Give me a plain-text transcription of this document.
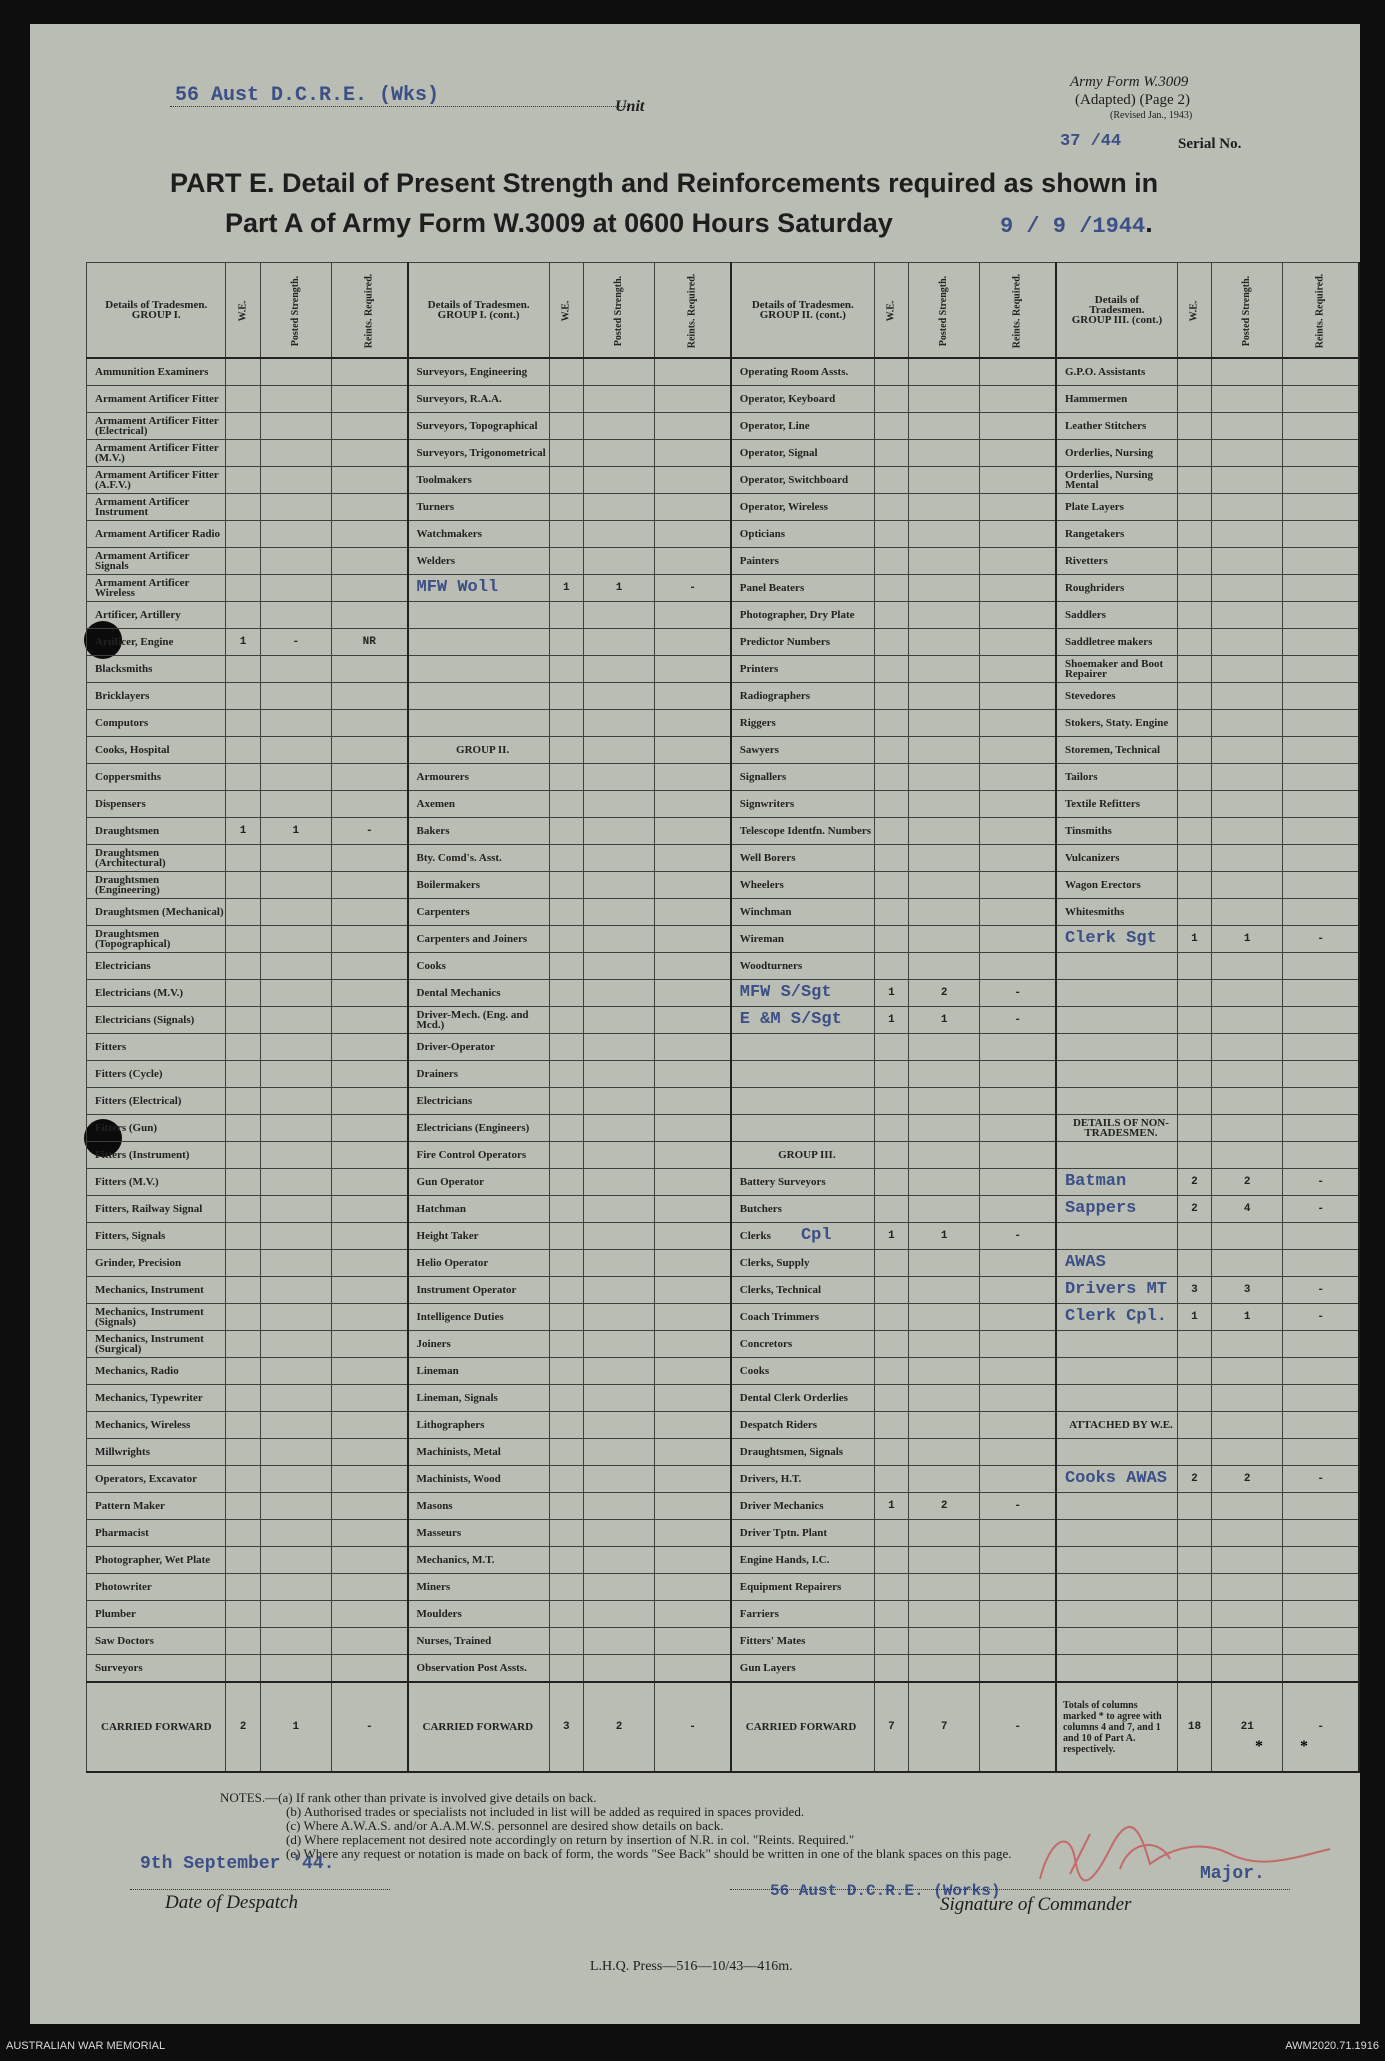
56 Aust D.C.R.E. (Wks)	Unit
Army Form W.3009
(Adapted) (Page 2)
(Revised Jan., 1943)
37 /44	Serial No.
PART E. Detail of Present Strength and Reinforcements required as shown in
Part A of Army Form W.3009 at 0600 Hours Saturday	9 / 9 /1944.
Details of Tradesmen. GROUP I.	W.E.	Posted Strength.	Reints. Required.	Details of Tradesmen. GROUP I. (cont.)	W.E.	Posted Strength.	Reints. Required.	Details of Tradesmen. GROUP II. (cont.)	W.E.	Posted Strength.	Reints. Required.	Details of Tradesmen. GROUP III. (cont.)	W.E.	Posted Strength.	Reints. Required.
Ammunition Examiners				Surveyors, Engineering				Operating Room Assts.				G.P.O. Assistants			
Armament Artificer Fitter				Surveyors, R.A.A.				Operator, Keyboard				Hammermen			
Armament Artificer Fitter (Electrical)				Surveyors, Topographical				Operator, Line				Leather Stitchers			
Armament Artificer Fitter (M.V.)				Surveyors, Trigonometrical				Operator, Signal				Orderlies, Nursing			
Armament Artificer Fitter (A.F.V.)				Toolmakers				Operator, Switchboard				Orderlies, Nursing Mental			
Armament Artificer Instrument				Turners				Operator, Wireless				Plate Layers			
Armament Artificer Radio				Watchmakers				Opticians				Rangetakers			
Armament Artificer Signals				Welders				Painters				Rivetters			
Armament Artificer Wireless				MFW Woll	1	1	-	Panel Beaters				Roughriders			
Artificer, Artillery								Photographer, Dry Plate				Saddlers			
Artificer, Engine	1	-	NR					Predictor Numbers				Saddletree makers			
Blacksmiths								Printers				Shoemaker and Boot Repairer			
Bricklayers								Radiographers				Stevedores			
Computors								Riggers				Stokers, Staty. Engine			
Cooks, Hospital				GROUP II.				Sawyers				Storemen, Technical			
Coppersmiths				Armourers				Signallers				Tailors			
Dispensers				Axemen				Signwriters				Textile Refitters			
Draughtsmen	1	1	-	Bakers				Telescope Identfn. Numbers				Tinsmiths			
Draughtsmen (Architectural)				Bty. Comd's. Asst.				Well Borers				Vulcanizers			
Draughtsmen (Engineering)				Boilermakers				Wheelers				Wagon Erectors			
Draughtsmen (Mechanical)				Carpenters				Winchman				Whitesmiths			
Draughtsmen (Topographical)				Carpenters and Joiners				Wireman				Clerk Sgt	1	1	-
Electricians				Cooks				Woodturners							
Electricians (M.V.)				Dental Mechanics				MFW S/Sgt	1	2	-				
Electricians (Signals)				Driver-Mech. (Eng. and Mcd.)				E &M S/Sgt	1	1	-				
Fitters				Driver-Operator											
Fitters (Cycle)				Drainers											
Fitters (Electrical)				Electricians											
Fitters (Gun)				Electricians (Engineers)								DETAILS OF NON-TRADESMEN.			
Fitters (Instrument)				Fire Control Operators				GROUP III.							
Fitters (M.V.)				Gun Operator				Battery Surveyors				Batman	2	2	-
Fitters, Railway Signal				Hatchman				Butchers				Sappers	2	4	-
Fitters, Signals				Height Taker				Clerks Cpl	1	1	-				
Grinder, Precision				Helio Operator				Clerks, Supply				AWAS			
Mechanics, Instrument				Instrument Operator				Clerks, Technical				Drivers MT	3	3	-
Mechanics, Instrument (Signals)				Intelligence Duties				Coach Trimmers				Clerk Cpl.	1	1	-
Mechanics, Instrument (Surgical)				Joiners				Concretors							
Mechanics, Radio				Lineman				Cooks							
Mechanics, Typewriter				Lineman, Signals				Dental Clerk Orderlies							
Mechanics, Wireless				Lithographers				Despatch Riders				ATTACHED BY W.E.			
Millwrights				Machinists, Metal				Draughtsmen, Signals							
Operators, Excavator				Machinists, Wood				Drivers, H.T.				Cooks AWAS	2	2	-
Pattern Maker				Masons				Driver Mechanics	1	2	-				
Pharmacist				Masseurs				Driver Tptn. Plant							
Photographer, Wet Plate				Mechanics, M.T.				Engine Hands, I.C.							
Photowriter				Miners				Equipment Repairers							
Plumber				Moulders				Farriers							
Saw Doctors				Nurses, Trained				Fitters' Mates							
Surveyors				Observation Post Assts.				Gun Layers							
CARRIED FORWARD	2	1	-	CARRIED FORWARD	3	2	-	CARRIED FORWARD	7	7	-	Totals of columns marked * to agree with columns 4 and 7, and 1 and 10 of Part A. respectively.	18	21	-
NOTES.—(a) If rank other than private is involved give details on back.
(b) Authorised trades or specialists not included in list will be added as required in spaces provided.
(c) Where A.W.A.S. and/or A.A.M.W.S. personnel are desired show details on back.
(d) Where replacement not desired note accordingly on return by insertion of N.R. in col. "Reints. Required."
(e) Where any request or notation is made on back of form, the words "See Back" should be written in one of the blank spaces on this page.
9th September '44.
Date of Despatch
Major.
56 Aust D.C.R.E. (Works)
Signature of Commander
L.H.Q. Press—516—10/43—416m.
AUSTRALIAN WAR MEMORIAL	AWM2020.71.1916
* *
